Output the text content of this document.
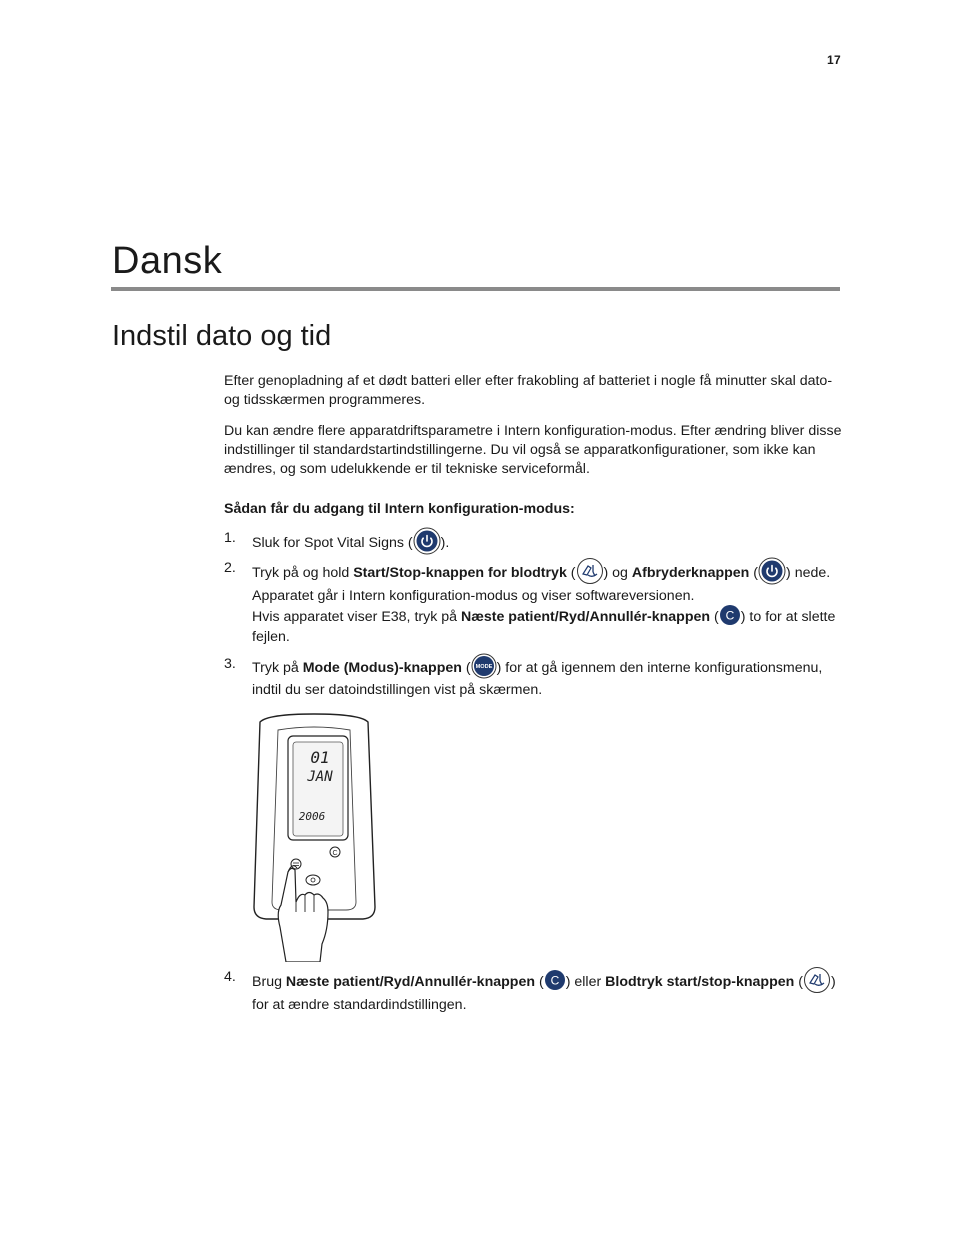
17
Dansk
Indstil dato og tid

Efter genopladning af et dødt batteri eller efter frakobling af batteriet i nogle få minutter skal dato- og tidsskærmen programmeres.

Du kan ændre flere apparatdriftsparametre i Intern konfiguration-modus. Efter ændring bliver disse indstillinger til standardstartindstillingerne. Du vil også se apparatkonfigurationer, som ikke kan ændres, og som udelukkende er til tekniske serviceformål.

Sådan får du adgang til Intern konfiguration-modus:
1. Sluk for Spot Vital Signs ( ).
2. Tryk på og hold Start/Stop-knappen for blodtryk ( ) og Afbryderknappen ( ) nede. Apparatet går i Intern konfiguration-modus og viser softwareversionen.
Hvis apparatet viser E38, tryk på Næste patient/Ryd/Annullér-knappen ( C ) to for at slette fejlen.
3. Tryk på Mode (Modus)-knappen ( MODE ) for at gå igennem den interne konfigurationsmenu, indtil du ser datoindstillingen vist på skærmen.
01
JAN
2006
C
4. Brug Næste patient/Ryd/Annullér-knappen ( C ) eller Blodtryk start/stop-knappen ( ) for at ændre standardindstillingen.
